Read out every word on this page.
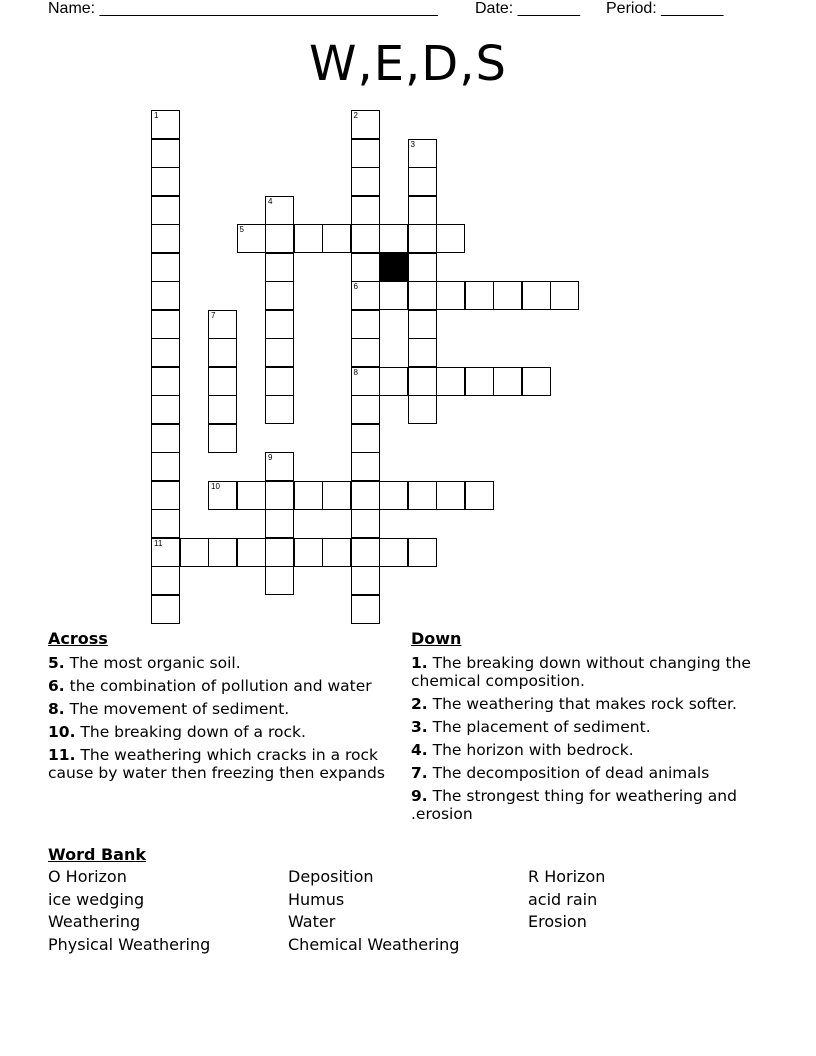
Name: ______________________________________ Date: _______ Period: _______
W,E,D,S
1
11
2
6
8
3
4
5
7
9
10
Across
5. The most organic soil.
6. the combination of pollution and water
8. The movement of sediment.
10. The breaking down of a rock.
11. The weathering which cracks in a rock cause by water then freezing then expands
Down
1. The breaking down without changing the chemical composition.
2. The weathering that makes rock softer.
3. The placement of sediment.
4. The horizon with bedrock.
7. The decomposition of dead animals
9. The strongest thing for weathering and .erosion
Word Bank
O Horizon	Deposition	R Horizon
ice wedging	Humus	acid rain
Weathering	Water	Erosion
Physical Weathering	Chemical Weathering
